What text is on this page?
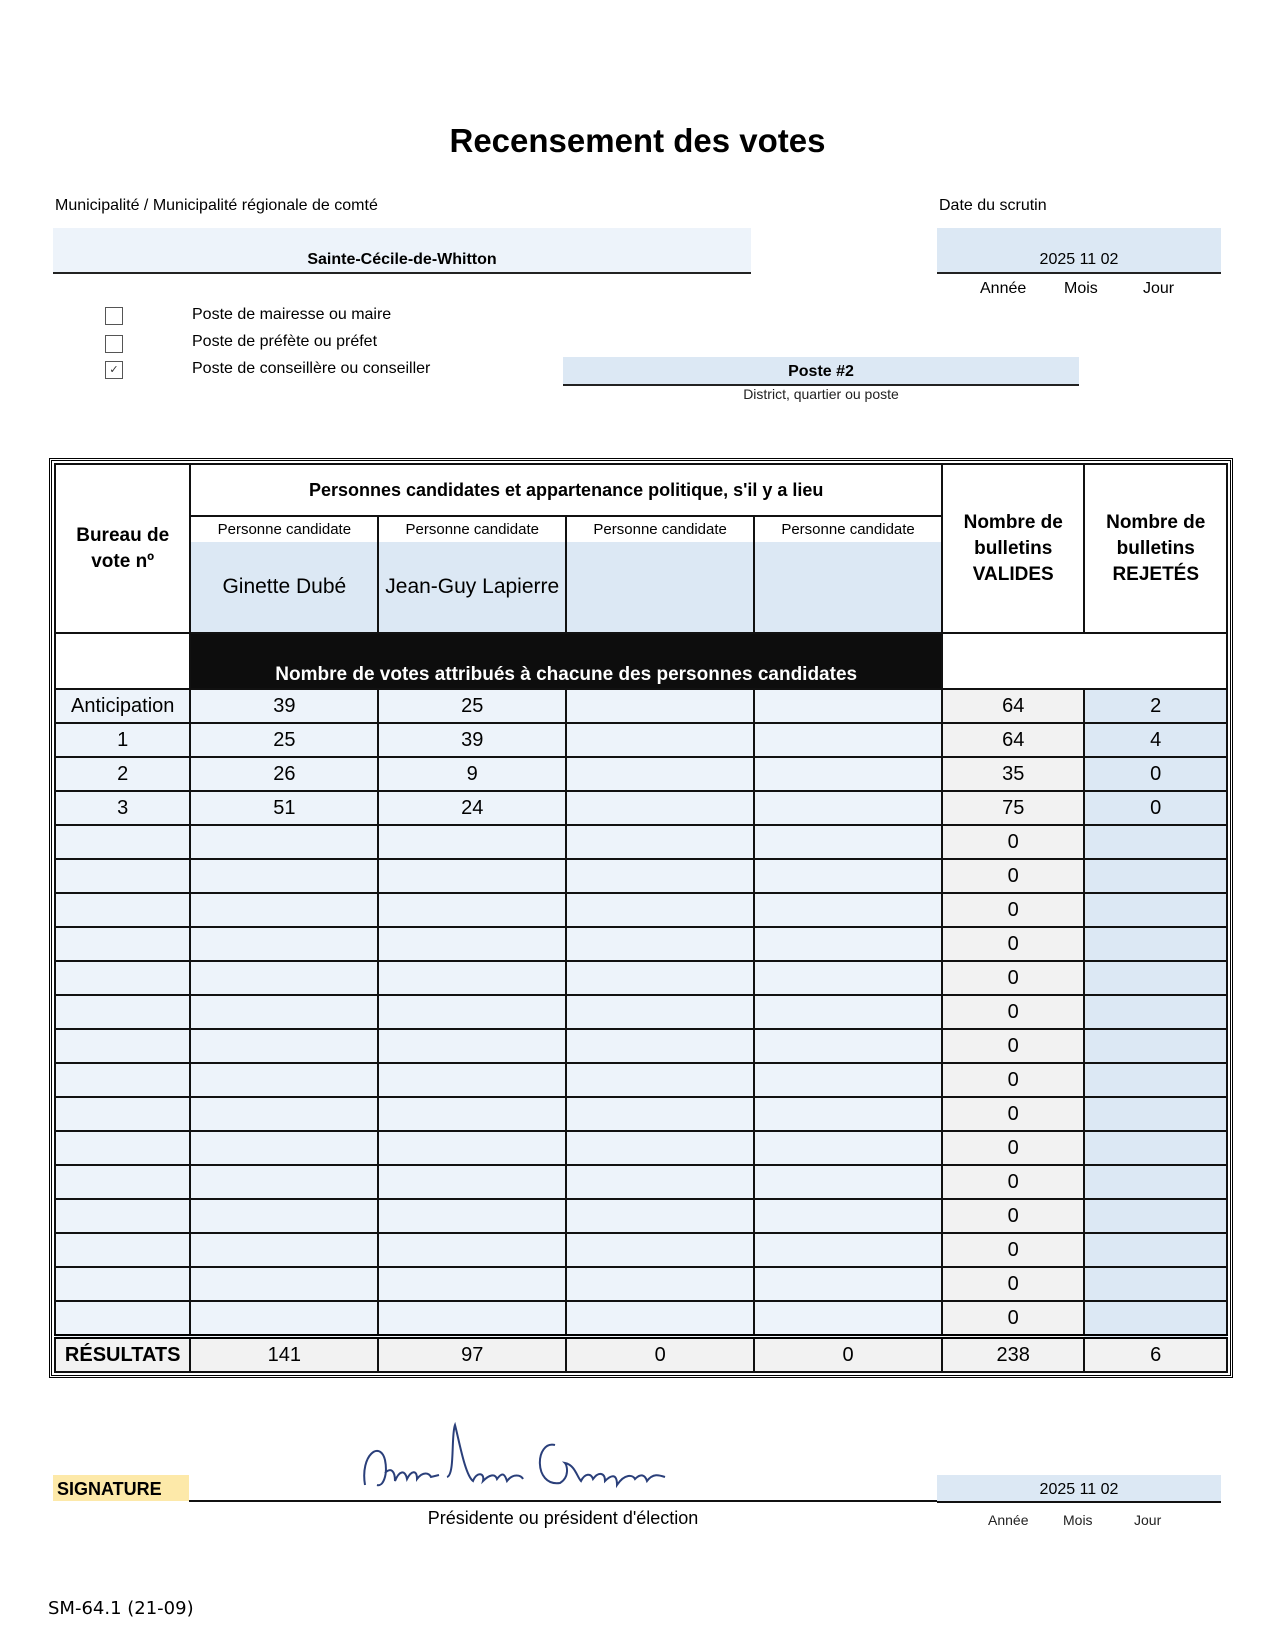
Recensement des votes
Municipalité / Municipalité régionale de comté
Sainte-Cécile-de-Whitton
Date du scrutin
2025 11 02
Année Mois	Jour
Poste de mairesse ou maire
Poste de préfète ou préfet
✓	Poste de conseillère ou conseiller	Poste #2
District, quartier ou poste
Bureau de vote nº	Personnes candidates et appartenance politique, s'il y a lieu				Nombre de bulletins VALIDES	Nombre de bulletins REJETÉS
	Personne candidate	Personne candidate	Personne candidate	Personne candidate		
	Ginette Dubé	Jean-Guy Lapierre				
	Nombre de votes attribués à chacune des personnes candidates					
Anticipation	39	25			64	2
1	25	39			64	4
2	26	9			35	0
3	51	24			75	0
					0	
					0	
					0	
					0	
					0	
					0	
					0	
					0	
					0	
					0	
					0	
					0	
					0	
					0	
					0	
RÉSULTATS	141	97	0	0	238	6
SIGNATURE
Présidente ou président d'élection
2025 11 02
Année Mois	Jour
SM-64.1 (21-09)
